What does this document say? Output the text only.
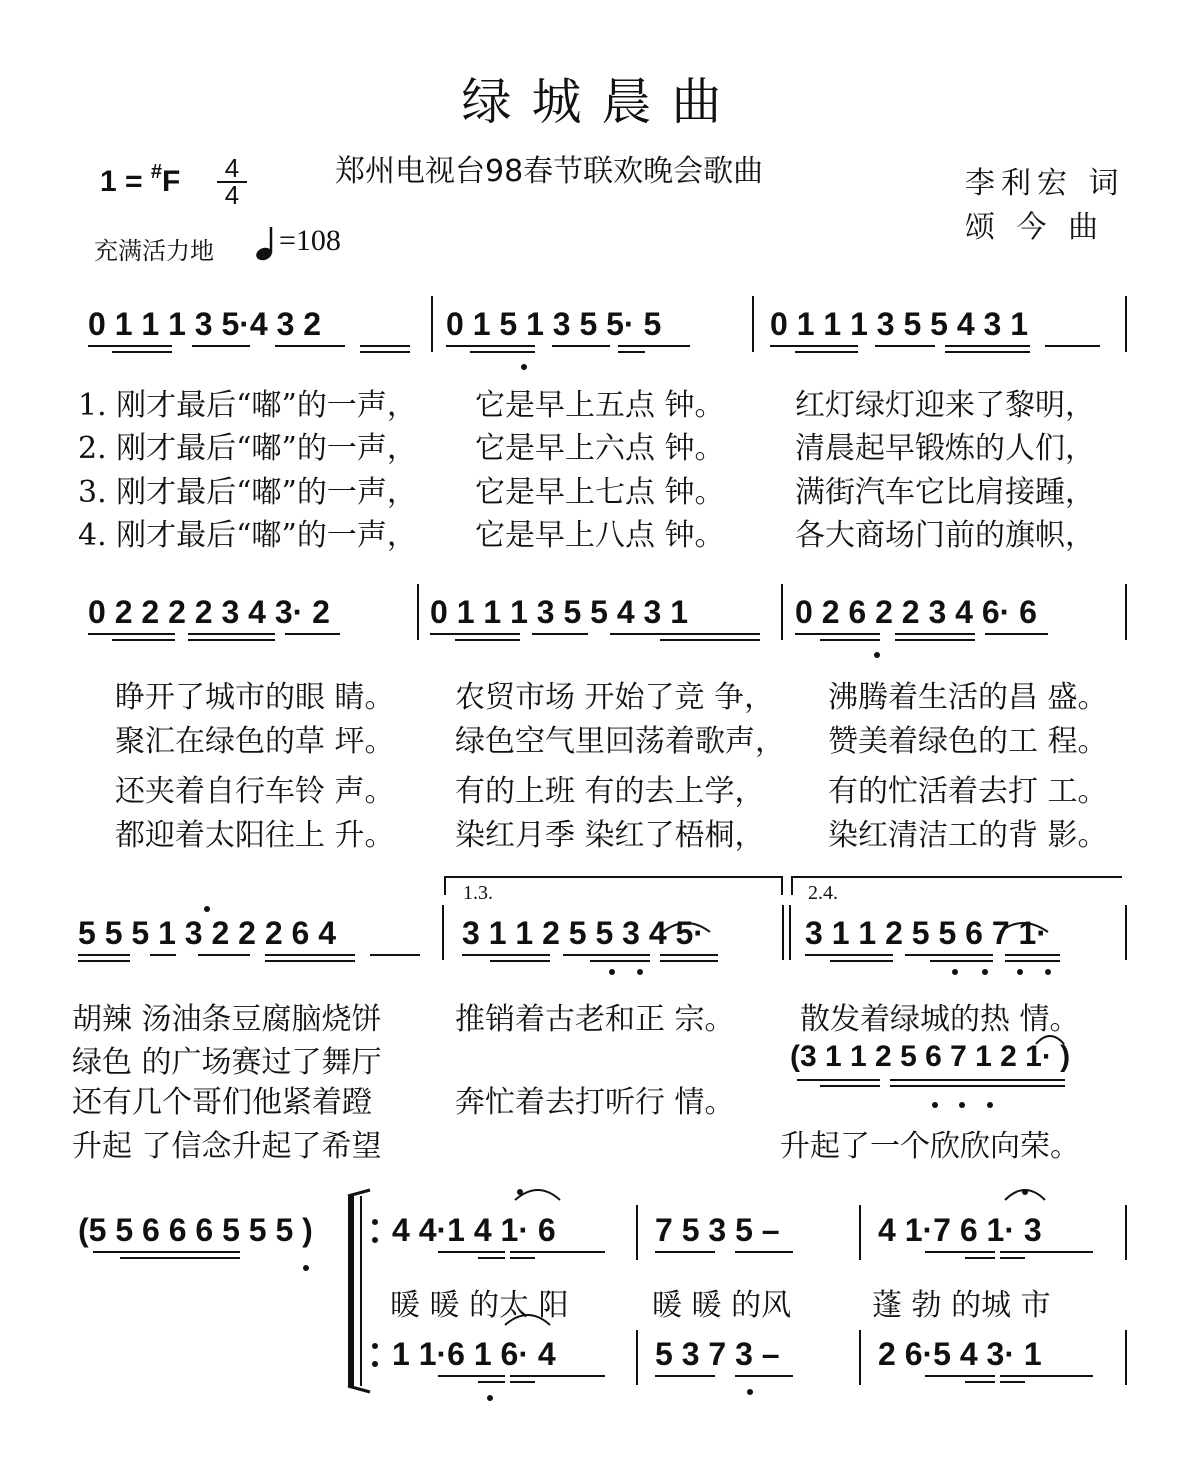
绿城晨曲
郑州电视台98春节联欢晚会歌曲
1 = #F 4
4
充满活力地	=108
李利宏 词
颂 今 曲
0 1 1 1 3 5·4 3 2	0 1 5 1 3 5 5· 5	0 1 1 1 3 5 5 4 3 1
1. 刚才最后“嘟”的一声， 它是早上五点 钟。 红灯绿灯迎来了黎明，
2. 刚才最后“嘟”的一声， 它是早上六点 钟。 清晨起早锻炼的人们，
3. 刚才最后“嘟”的一声， 它是早上七点 钟。 满街汽车它比肩接踵，
4. 刚才最后“嘟”的一声， 它是早上八点 钟。 各大商场门前的旗帜，
0 2 2 2 2 3 4 3· 2	0 1 1 1 3 5 5 4 3 1	0 2 6 2 2 3 4 6· 6
睁开了城市的眼 睛。 农贸市场 开始了竞 争， 沸腾着生活的昌 盛。
聚汇在绿色的草 坪。 绿色空气里回荡着歌声， 赞美着绿色的工 程。
还夹着自行车铃 声。 有的上班 有的去上学， 有的忙活着去打 工。
都迎着太阳往上 升。 染红月季 染红了梧桐， 染红清洁工的背 影。
1.3.	2.4.
5 5 5 1 3 2 2 2 6 4	3 1 1 2 5 5 3 4 5·	3 1 1 2 5 5 6 7 1·
胡辣 汤油条豆腐脑烧饼 推销着古老和正 宗。 散发着绿城的热 情。
绿色 的广场赛过了舞厅	(3 1 1 2 5 6 7 1 2 1· )
还有几个哥们他紧着蹬	奔忙着去打听行 情。
升起 了信念升起了希望	升起了一个欣欣向荣。
(5 5 6 6 6 5 5 5 ) 4 4·1 4 1· 6	7 5 3 5 –	4 1·7 6 1· 3
暖 暖 的太 阳	暖 暖 的风	蓬 勃 的城 市
1 1·6 1 6· 4	5 3 7 3 –	2 6·5 4 3· 1
